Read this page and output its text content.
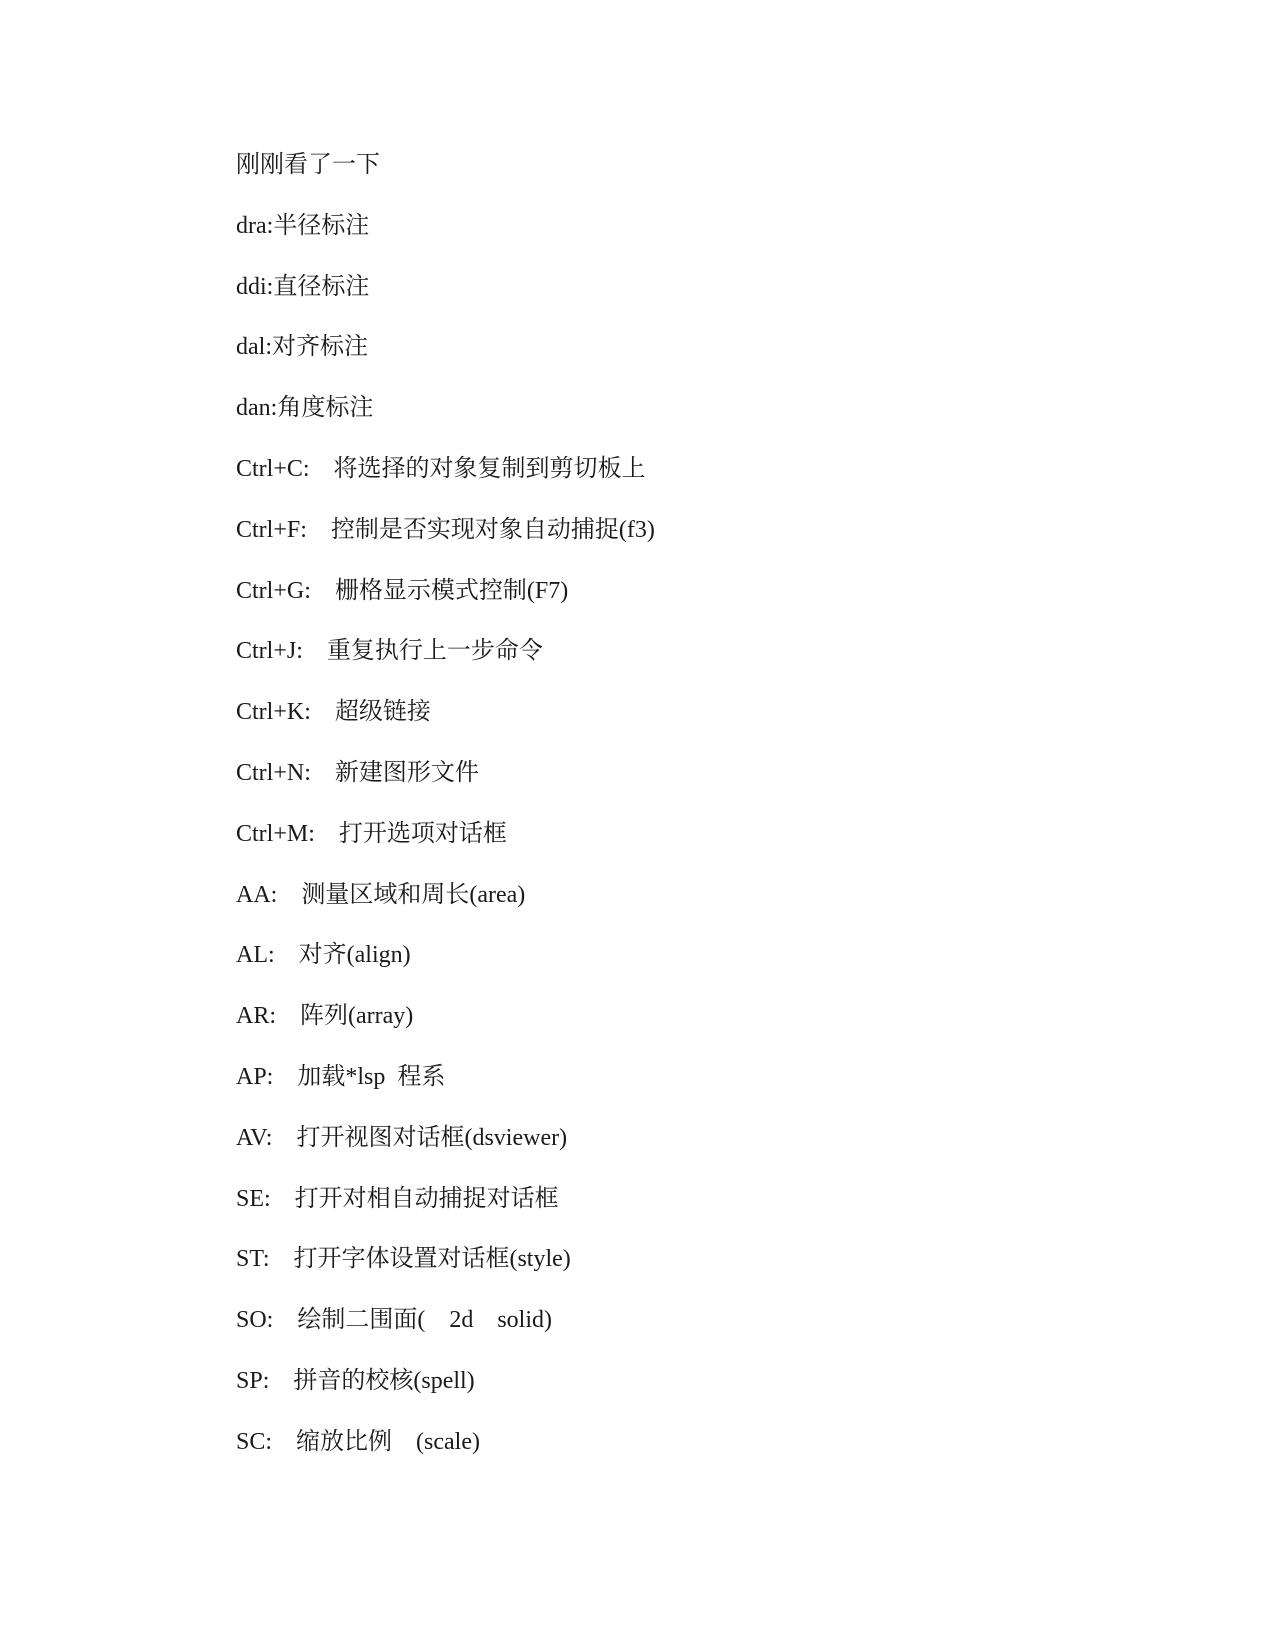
刚刚看了一下
dra:半径标注
ddi:直径标注
dal:对齐标注
dan:角度标注
Ctrl+C:    将选择的对象复制到剪切板上
Ctrl+F:    控制是否实现对象自动捕捉(f3)
Ctrl+G:    栅格显示模式控制(F7)
Ctrl+J:    重复执行上一步命令
Ctrl+K:    超级链接
Ctrl+N:    新建图形文件
Ctrl+M:    打开选项对话框
AA:    测量区域和周长(area)
AL:    对齐(align)
AR:    阵列(array)
AP:    加载*lsp  程系
AV:    打开视图对话框(dsviewer)
SE:    打开对相自动捕捉对话框
ST:    打开字体设置对话框(style)
SO:    绘制二围面(    2d    solid)
SP:    拼音的校核(spell)
SC:    缩放比例    (scale)
